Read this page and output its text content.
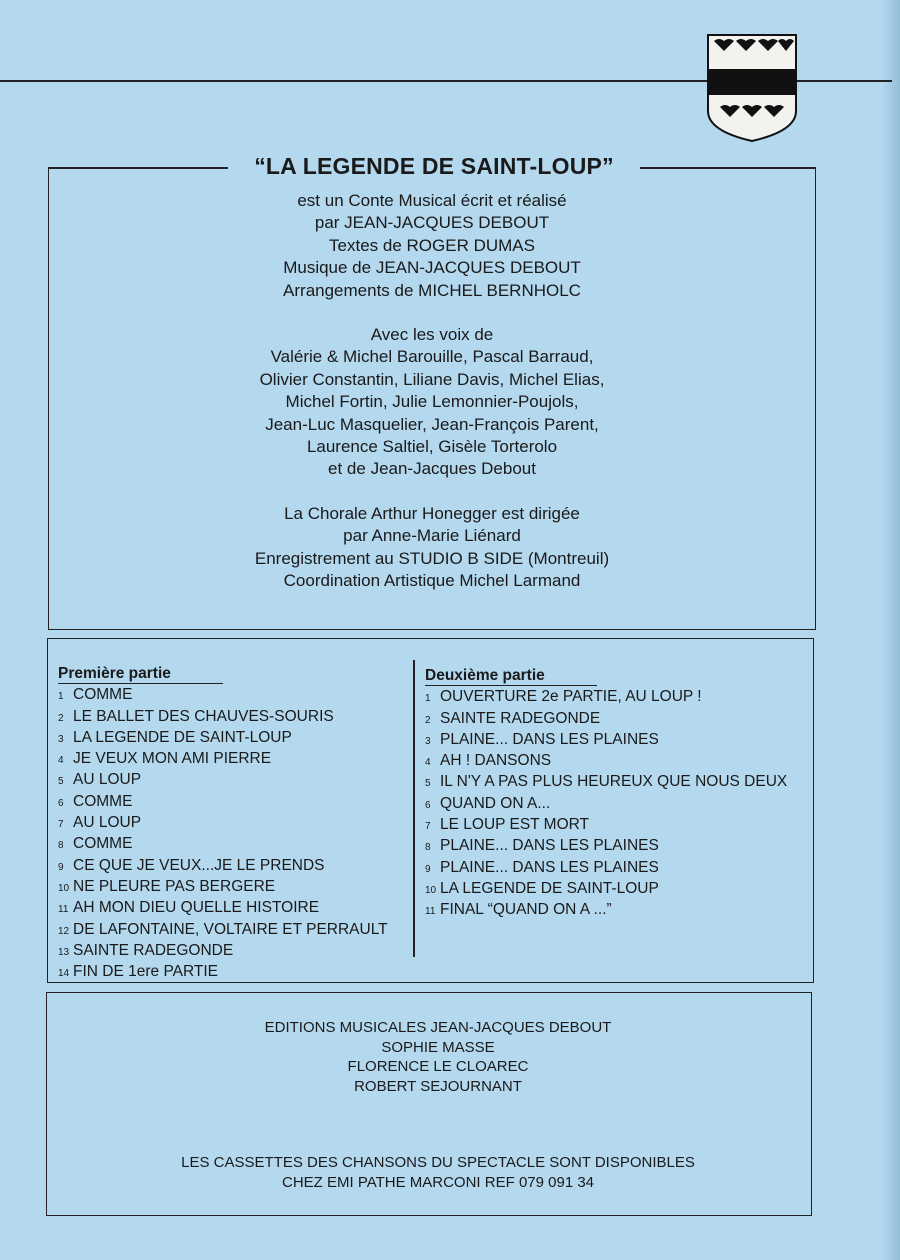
“LA LEGENDE DE SAINT-LOUP”
est un Conte Musical écrit et réalisé
par JEAN-JACQUES DEBOUT
Textes de ROGER DUMAS
Musique de JEAN-JACQUES DEBOUT
Arrangements de MICHEL BERNHOLC
Avec les voix de
Valérie & Michel Barouille, Pascal Barraud,
Olivier Constantin, Liliane Davis, Michel Elias,
Michel Fortin, Julie Lemonnier-Poujols,
Jean-Luc Masquelier, Jean-François Parent,
Laurence Saltiel, Gisèle Torterolo
et de Jean-Jacques Debout
La Chorale Arthur Honegger est dirigée
par Anne-Marie Liénard
Enregistrement au STUDIO B SIDE (Montreuil)
Coordination Artistique Michel Larmand
Première partie
1 COMME
2 LE BALLET DES CHAUVES-SOURIS
3 LA LEGENDE DE SAINT-LOUP
4 JE VEUX MON AMI PIERRE
5 AU LOUP
6 COMME
7 AU LOUP
8 COMME
9 CE QUE JE VEUX...JE LE PRENDS
10 NE PLEURE PAS BERGERE
11 AH MON DIEU QUELLE HISTOIRE
12 DE LAFONTAINE, VOLTAIRE ET PERRAULT
13 SAINTE RADEGONDE
14 FIN DE 1ere PARTIE
Deuxième partie
1 OUVERTURE 2e PARTIE, AU LOUP !
2 SAINTE RADEGONDE
3 PLAINE... DANS LES PLAINES
4 AH ! DANSONS
5 IL N'Y A PAS PLUS HEUREUX QUE NOUS DEUX
6 QUAND ON A...
7 LE LOUP EST MORT
8 PLAINE... DANS LES PLAINES
9 PLAINE... DANS LES PLAINES
10 LA LEGENDE DE SAINT-LOUP
11 FINAL “QUAND ON A ...”
EDITIONS MUSICALES JEAN-JACQUES DEBOUT
SOPHIE MASSE
FLORENCE LE CLOAREC
ROBERT SEJOURNANT
LES CASSETTES DES CHANSONS DU SPECTACLE SONT DISPONIBLES
CHEZ EMI PATHE MARCONI REF 079 091 34
